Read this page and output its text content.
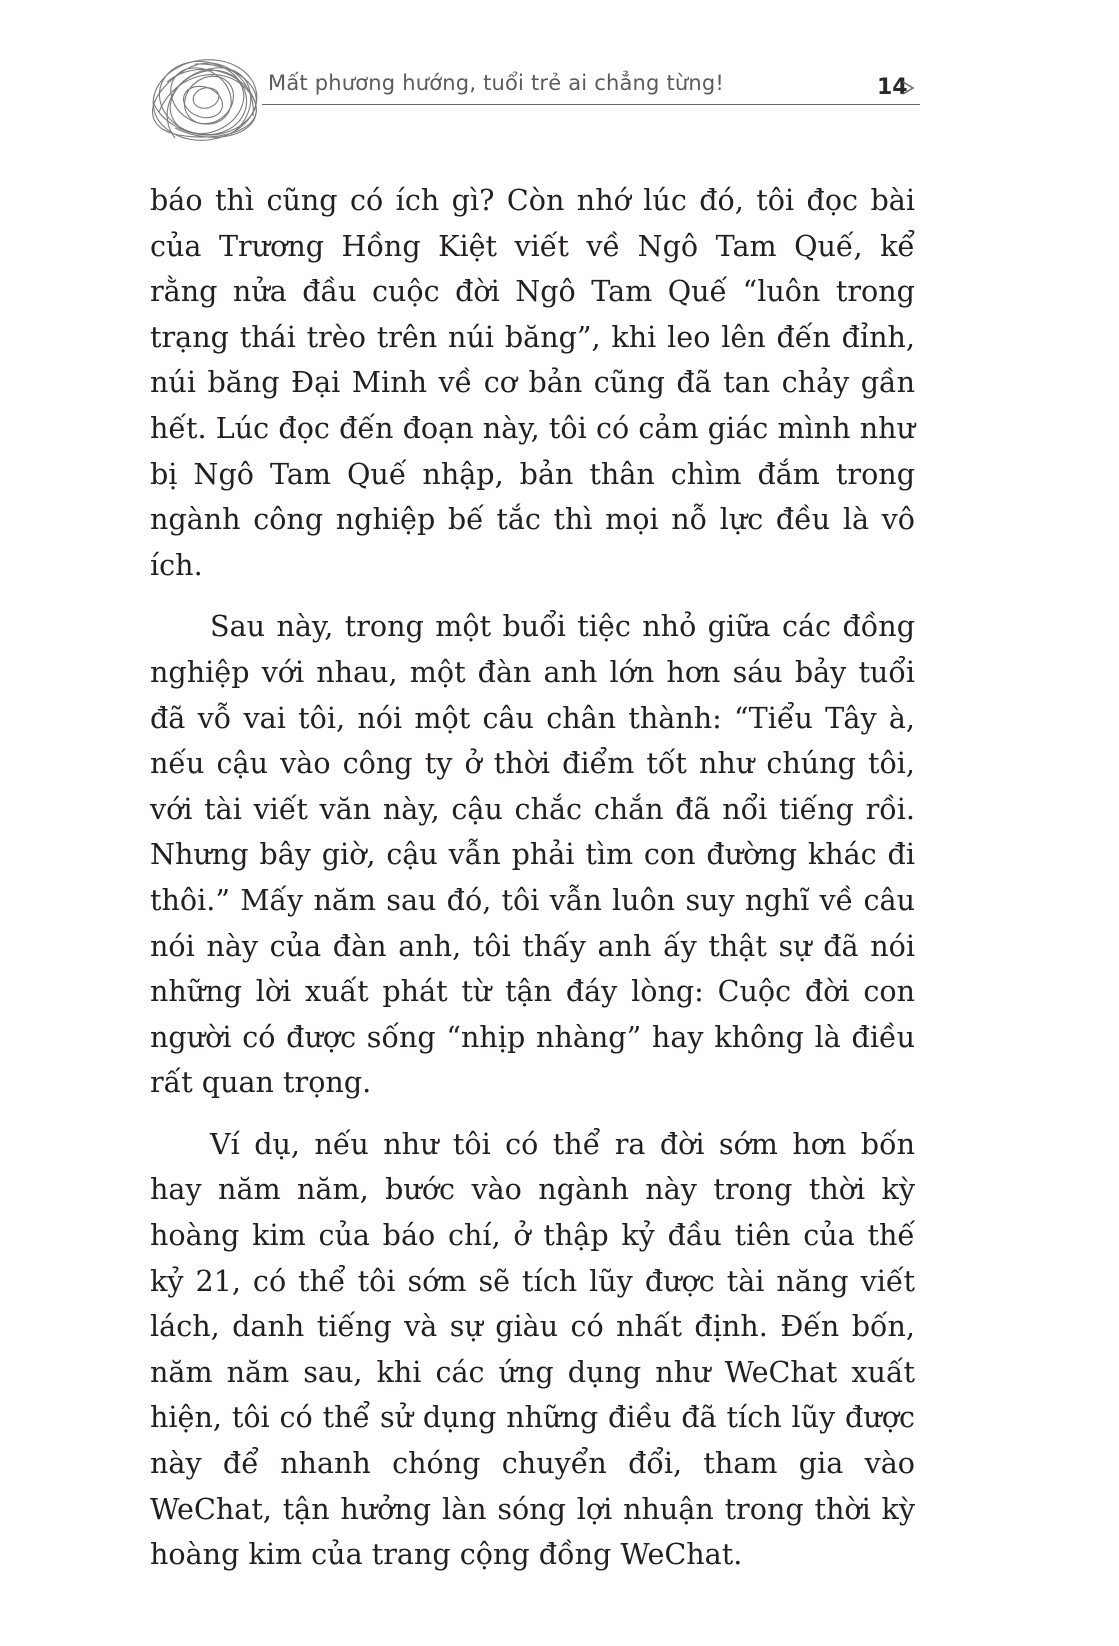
Mất phương hướng, tuổi trẻ ai chẳng từng!	14

báo thì cũng có ích gì? Còn nhớ lúc đó, tôi đọc bài của Trương Hồng Kiệt viết về Ngô Tam Quế, kể rằng nửa đầu cuộc đời Ngô Tam Quế “luôn trong trạng thái trèo trên núi băng”, khi leo lên đến đỉnh, núi băng Đại Minh về cơ bản cũng đã tan chảy gần hết. Lúc đọc đến đoạn này, tôi có cảm giác mình như bị Ngô Tam Quế nhập, bản thân chìm đắm trong ngành công nghiệp bế tắc thì mọi nỗ lực đều là vô ích.

Sau này, trong một buổi tiệc nhỏ giữa các đồng nghiệp với nhau, một đàn anh lớn hơn sáu bảy tuổi đã vỗ vai tôi, nói một câu chân thành: “Tiểu Tây à, nếu cậu vào công ty ở thời điểm tốt như chúng tôi, với tài viết văn này, cậu chắc chắn đã nổi tiếng rồi. Nhưng bây giờ, cậu vẫn phải tìm con đường khác đi thôi.” Mấy năm sau đó, tôi vẫn luôn suy nghĩ về câu nói này của đàn anh, tôi thấy anh ấy thật sự đã nói những lời xuất phát từ tận đáy lòng: Cuộc đời con người có được sống “nhịp nhàng” hay không là điều rất quan trọng.

Ví dụ, nếu như tôi có thể ra đời sớm hơn bốn hay năm năm, bước vào ngành này trong thời kỳ hoàng kim của báo chí, ở thập kỷ đầu tiên của thế kỷ 21, có thể tôi sớm sẽ tích lũy được tài năng viết lách, danh tiếng và sự giàu có nhất định. Đến bốn, năm năm sau, khi các ứng dụng như WeChat xuất hiện, tôi có thể sử dụng những điều đã tích lũy được này để nhanh chóng chuyển đổi, tham gia vào WeChat, tận hưởng làn sóng lợi nhuận trong thời kỳ hoàng kim của trang cộng đồng WeChat.
